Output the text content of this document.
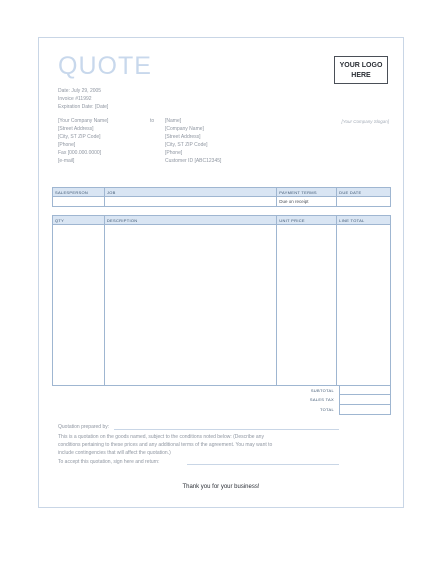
QUOTE	YOUR LOGO HERE
[Your Company Slogan]
Date: July 29, 2005
Invoice #11992
Expiration Date: [Date]
[Your Company Name]
[Street Address]
[City, ST ZIP Code]
[Phone]
Fax [000.000.0000]
[e-mail]
to [Name]
[Company Name]
[Street Address]
[City, ST ZIP Code]
[Phone]
Customer ID [ABC12345]
SALESPERSON	JOB	PAYMENT TERMS	DUE DATE
		Due on receipt	
QTY	DESCRIPTION	UNIT PRICE	LINE TOTAL

SUBTOTAL
SALES TAX
TOTAL
Quotation prepared by:
This is a quotation on the goods named, subject to the conditions noted below: (Describe any
conditions pertaining to these prices and any additional terms of the agreement. You may want to
include contingencies that will affect the quotation.)
To accept this quotation, sign here and return:
Thank you for your business!
